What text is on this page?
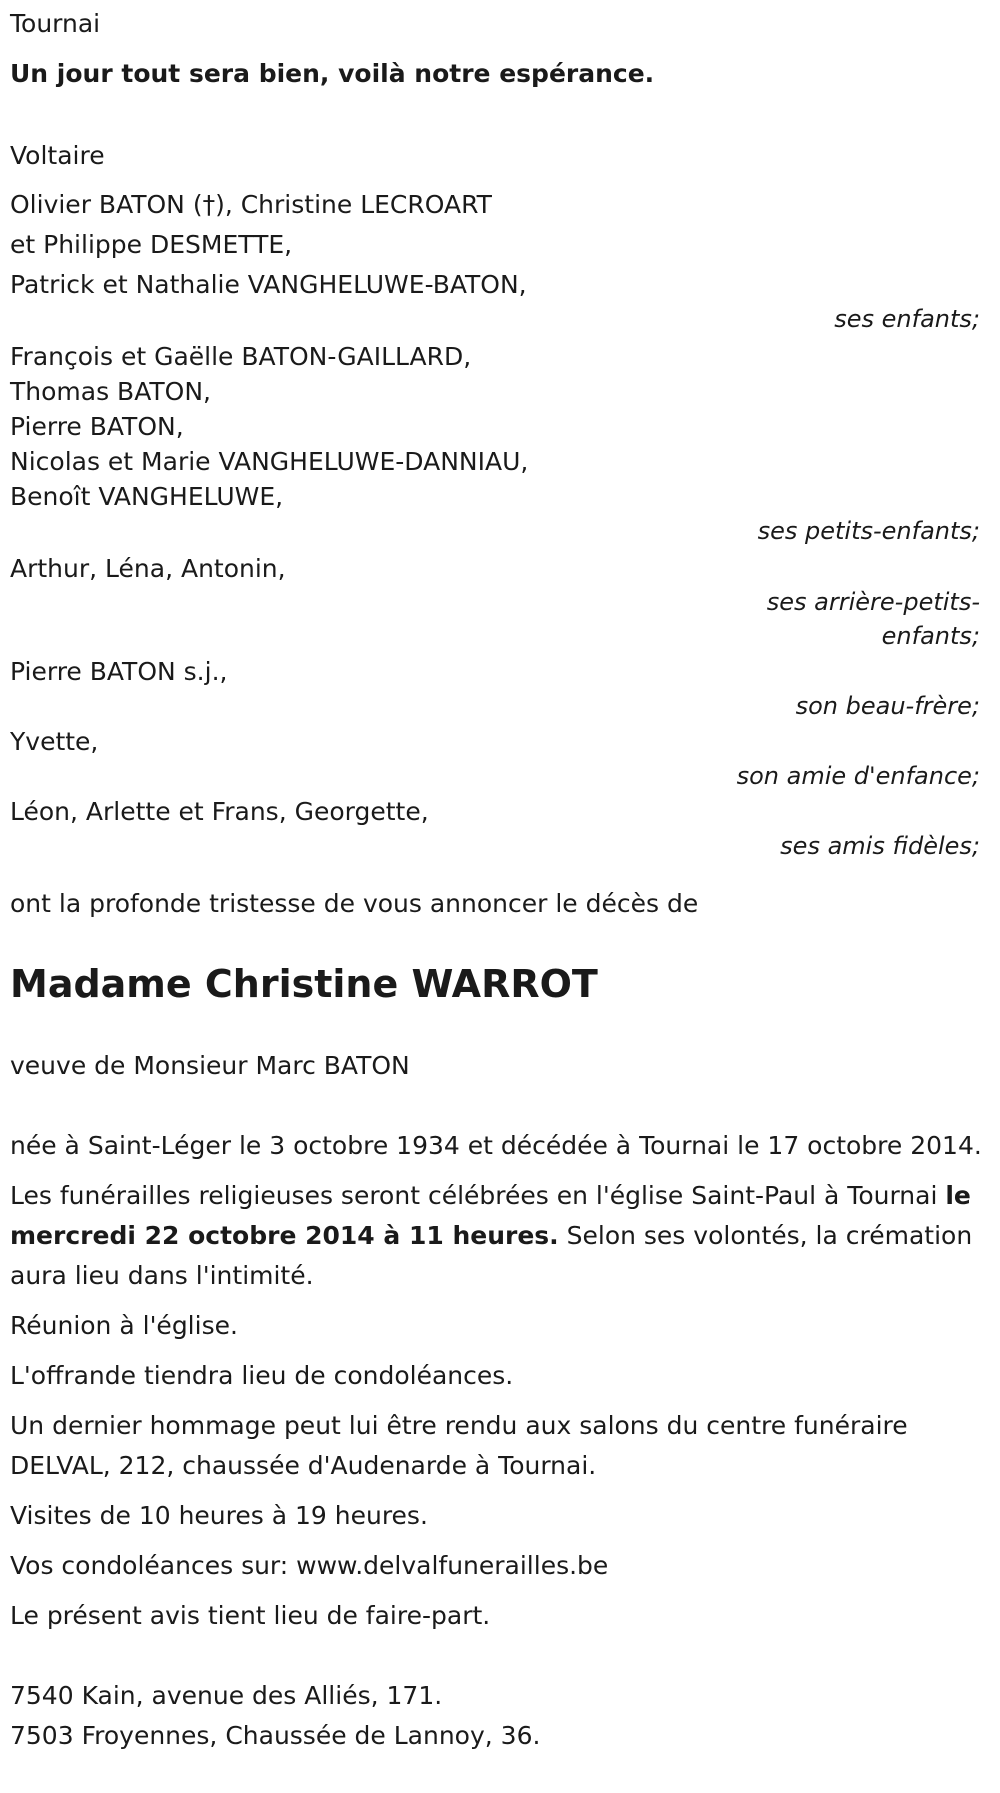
Tournai
Un jour tout sera bien, voilà notre espérance.
Voltaire
Olivier BATON (†), Christine LECROART
et Philippe DESMETTE,
Patrick et Nathalie VANGHELUWE-BATON,
ses enfants;
François et Gaëlle BATON-GAILLARD,
Thomas BATON,
Pierre BATON,
Nicolas et Marie VANGHELUWE-DANNIAU,
Benoît VANGHELUWE,
ses petits-enfants;
Arthur, Léna, Antonin,
ses arrière-petits-
enfants;
Pierre BATON s.j.,
son beau-frère;
Yvette,
son amie d'enfance;
Léon, Arlette et Frans, Georgette,
ses amis fidèles;
ont la profonde tristesse de vous annoncer le décès de
Madame Christine WARROT
veuve de Monsieur Marc BATON
née à Saint-Léger le 3 octobre 1934 et décédée à Tournai le 17 octobre 2014.
Les funérailles religieuses seront célébrées en l'église Saint-Paul à Tournai le mercredi 22 octobre 2014 à 11 heures. Selon ses volontés, la crémation aura lieu dans l'intimité.
Réunion à l'église.
L'offrande tiendra lieu de condoléances.
Un dernier hommage peut lui être rendu aux salons du centre funéraire DELVAL, 212, chaussée d'Audenarde à Tournai.
Visites de 10 heures à 19 heures.
Vos condoléances sur: www.delvalfunerailles.be
Le présent avis tient lieu de faire-part.
7540 Kain, avenue des Alliés, 171.
7503 Froyennes, Chaussée de Lannoy, 36.
